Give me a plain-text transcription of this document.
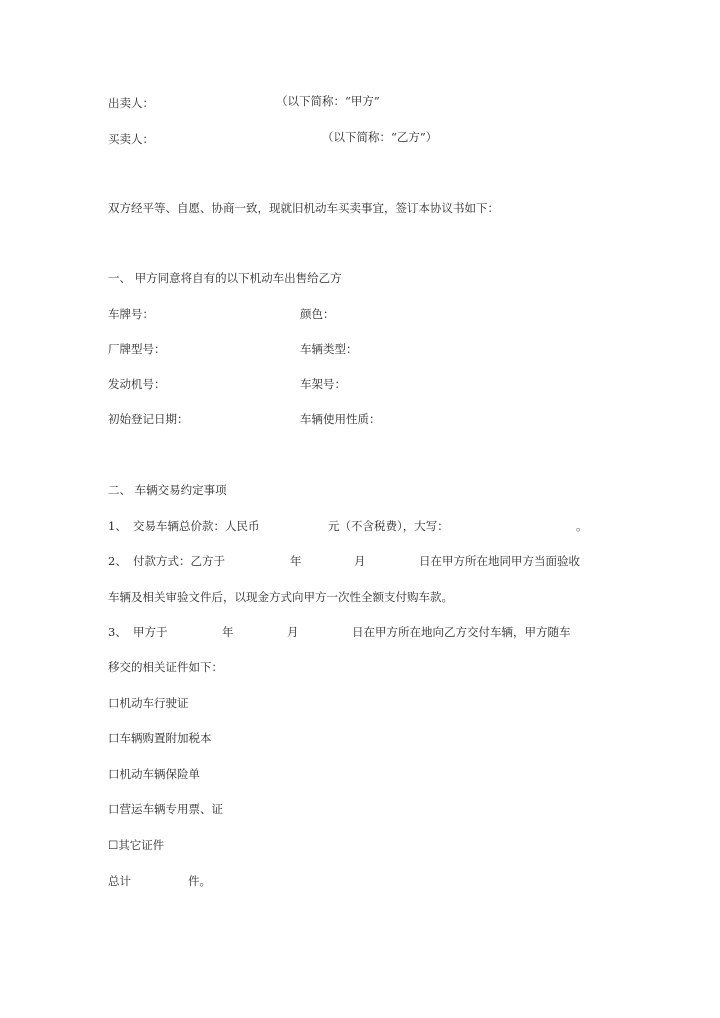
出卖人：	（以下简称：“甲方”
买卖人：	（以下简称：“乙方”）
双方经平等、自愿、协商一致，现就旧机动车买卖事宜，签订本协议书如下：
一、 甲方同意将自有的以下机动车出售给乙方
车牌号：	颜色：
厂牌型号：	车辆类型：
发动机号：	车架号：
初始登记日期：	车辆使用性质：
二、 车辆交易约定事项
1、 交易车辆总价款：人民币	元（不含税费），大写：	。
2、 付款方式：乙方于	年	月	日在甲方所在地同甲方当面验收
车辆及相关审验文件后，以现金方式向甲方一次性全额支付购车款。
3、 甲方于	年	月	日在甲方所在地向乙方交付车辆，甲方随车
移交的相关证件如下：
口机动车行驶证
口车辆购置附加税本
口机动车辆保险单
口营运车辆专用票、证
☐其它证件
总计	件。
